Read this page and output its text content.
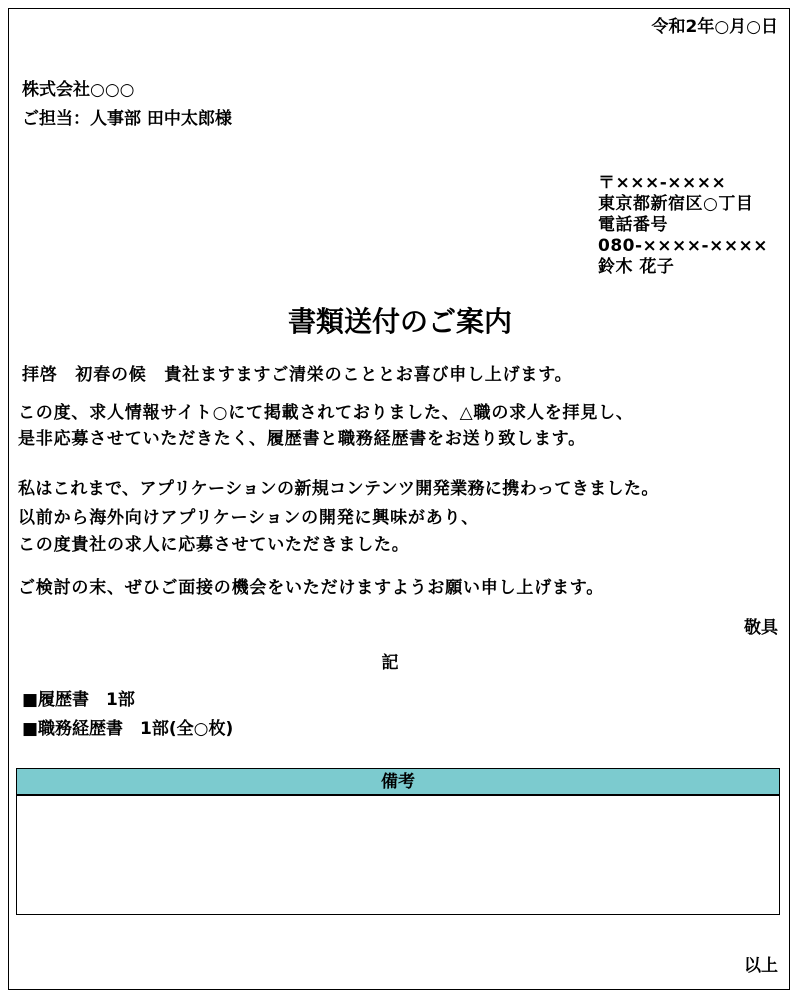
令和2年○月○日
株式会社○○○
ご担当：人事部 田中太郎様
〒×××-××××
東京都新宿区○丁目
電話番号
080-××××-××××
鈴木 花子
書類送付のご案内
拝啓　初春の候　貴社ますますご清栄のこととお喜び申し上げます。
この度、求人情報サイト○にて掲載されておりました、△職の求人を拝見し、
是非応募させていただきたく、履歴書と職務経歴書をお送り致します。
私はこれまで、アプリケーションの新規コンテンツ開発業務に携わってきました。
以前から海外向けアプリケーションの開発に興味があり、
この度貴社の求人に応募させていただきました。
ご検討の末、ぜひご面接の機会をいただけますようお願い申し上げます。
敬具
記
■履歴書　1部
■職務経歴書　1部(全○枚)
備考
以上
